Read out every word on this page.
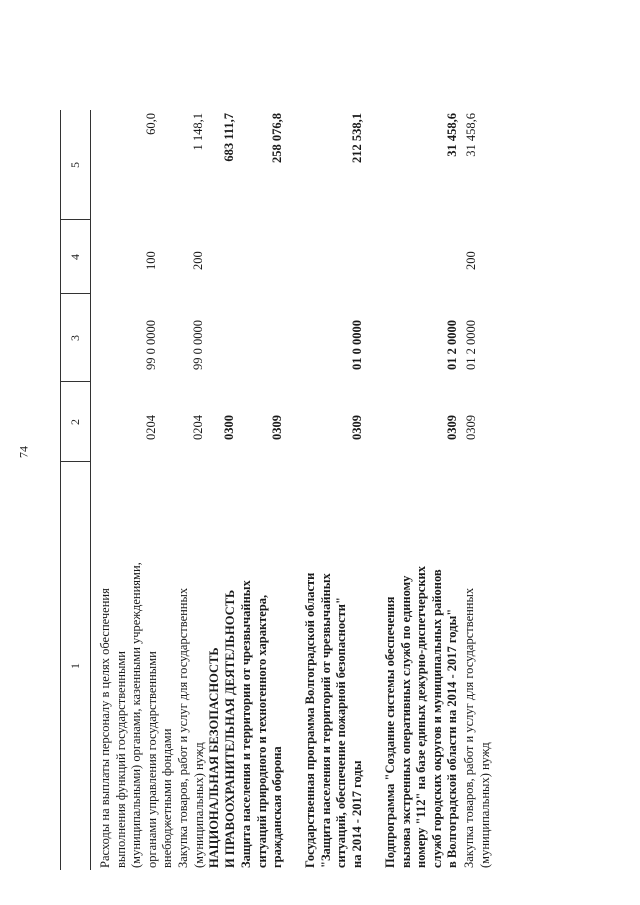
74
1
2
3
4
5
Расходы на выплаты персоналу в целях обеспечения выполнения функций государственными (муниципальными) органами, казенными учреждениями, органами управления государственными внебюджетными фондами
0204
99 0 0000
100
60,0
Закупка товаров, работ и услуг для государственных (муниципальных) нужд
0204
99 0 0000
200
1 148,1
НАЦИОНАЛЬНАЯ БЕЗОПАСНОСТЬ И ПРАВООХРАНИТЕЛЬНАЯ ДЕЯТЕЛЬНОСТЬ
0300
683 111,7
Защита населения и территории от чрезвычайных ситуаций природного и техногенного характера, гражданская оборона
0309
258 076,8
Государственная программа Волгоградской области "Защита населения и территорий от чрезвычайных ситуаций, обеспечение пожарной безопасности" на 2014 - 2017 годы
0309
01 0 0000
212 538,1
Подпрограмма "Создание системы обеспечения вызова экстренных оперативных служб по единому номеру "112" на базе единых дежурно-диспетчерских служб городских округов и муниципальных районов в Волгоградской области на 2014 - 2017 годы"
0309
01 2 0000
31 458,6
Закупка товаров, работ и услуг для государственных (муниципальных) нужд
0309
01 2 0000
200
31 458,6
